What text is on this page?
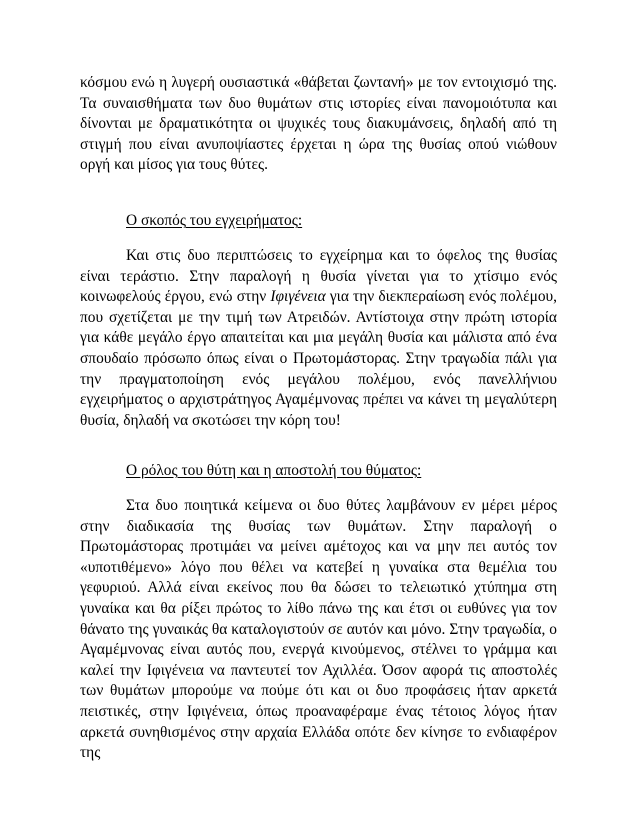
κόσμου ενώ η λυγερή ουσιαστικά «θάβεται ζωντανή» με τον εντοιχισμό της. Τα συναισθήματα των δυο θυμάτων στις ιστορίες είναι πανομοιότυπα και δίνονται με δραματικότητα οι ψυχικές τους διακυμάνσεις, δηλαδή από τη στιγμή που είναι ανυποψίαστες έρχεται η ώρα της θυσίας οπού νιώθουν οργή και μίσος για τους θύτες.

Ο σκοπός του εγχειρήματος:

Και στις δυο περιπτώσεις το εγχείρημα και το όφελος της θυσίας είναι τεράστιο. Στην παραλογή η θυσία γίνεται για το χτίσιμο ενός κοινωφελούς έργου, ενώ στην Ιφιγένεια για την διεκπεραίωση ενός πολέμου, που σχετίζεται με την τιμή των Ατρειδών. Αντίστοιχα στην πρώτη ιστορία για κάθε μεγάλο έργο απαιτείται και μια μεγάλη θυσία και μάλιστα από ένα σπουδαίο πρόσωπο όπως είναι ο Πρωτομάστορας. Στην τραγωδία πάλι για την πραγματοποίηση ενός μεγάλου πολέμου, ενός πανελλήνιου εγχειρήματος ο αρχιστράτηγος Αγαμέμνονας πρέπει να κάνει τη μεγαλύτερη θυσία, δηλαδή να σκοτώσει την κόρη του!

Ο ρόλος του θύτη και η αποστολή του θύματος:

Στα δυο ποιητικά κείμενα οι δυο θύτες λαμβάνουν εν μέρει μέρος στην διαδικασία της θυσίας των θυμάτων. Στην παραλογή ο Πρωτομάστορας προτιμάει να μείνει αμέτοχος και να μην πει αυτός τον «υποτιθέμενο» λόγο που θέλει να κατεβεί η γυναίκα στα θεμέλια του γεφυριού. Αλλά είναι εκείνος που θα δώσει το τελειωτικό χτύπημα στη γυναίκα και θα ρίξει πρώτος το λίθο πάνω της και έτσι οι ευθύνες για τον θάνατο της γυναικάς θα καταλογιστούν σε αυτόν και μόνο. Στην τραγωδία, ο Αγαμέμνονας είναι αυτός που, ενεργά κινούμενος, στέλνει το γράμμα και καλεί την Ιφιγένεια να παντευτεί τον Αχιλλέα. Όσον αφορά τις αποστολές των θυμάτων μπορούμε να πούμε ότι και οι δυο προφάσεις ήταν αρκετά πειστικές, στην Ιφιγένεια, όπως προαναφέραμε ένας τέτοιος λόγος ήταν αρκετά συνηθισμένος στην αρχαία Ελλάδα οπότε δεν κίνησε το ενδιαφέρον της
